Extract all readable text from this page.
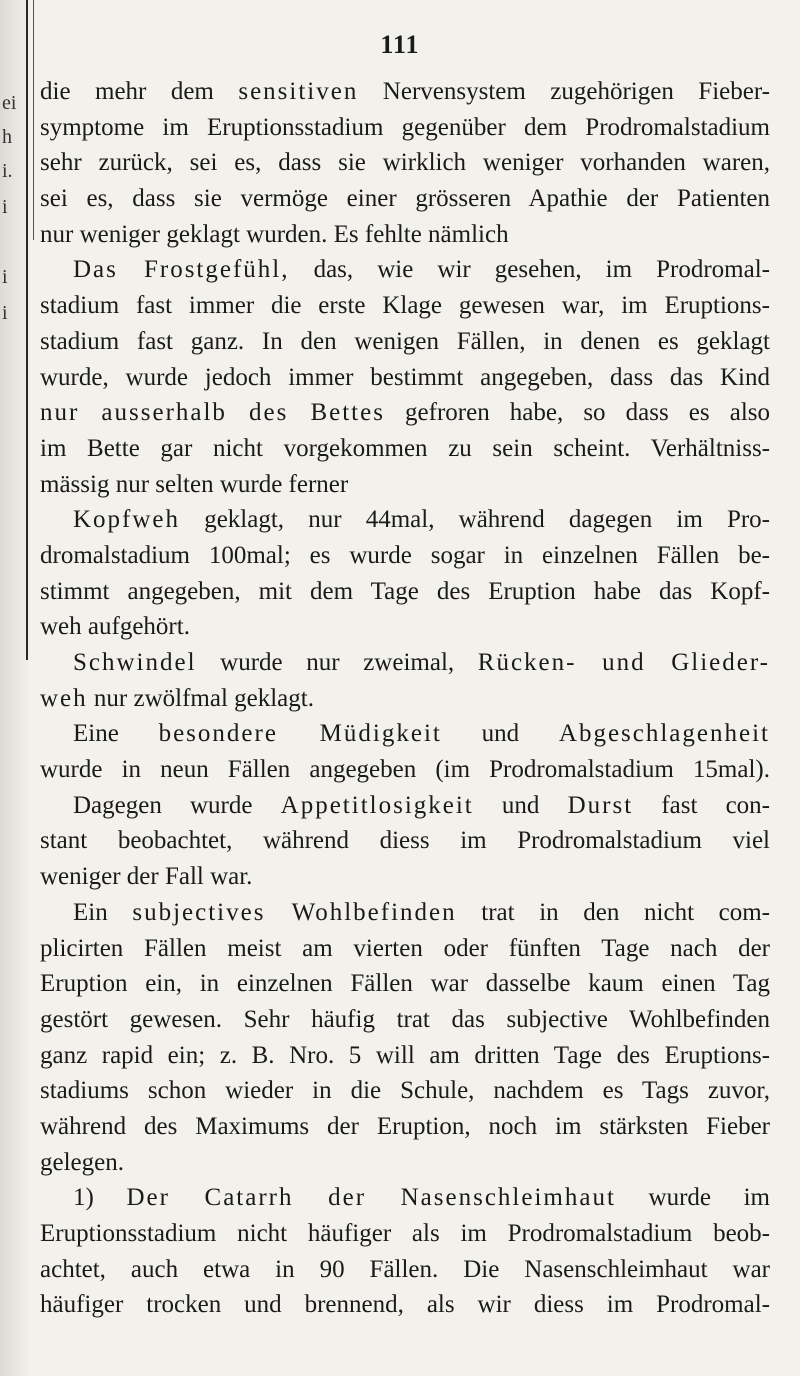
ei
h
i.
i
i
i
111
die mehr dem sensitiven Nervensystem zugehörigen Fieber-
symptome im Eruptionsstadium gegenüber dem Prodromalstadium
sehr zurück, sei es, dass sie wirklich weniger vorhanden waren,
sei es, dass sie vermöge einer grösseren Apathie der Patienten
nur weniger geklagt wurden. Es fehlte nämlich
Das Frostgefühl, das, wie wir gesehen, im Prodromal-
stadium fast immer die erste Klage gewesen war, im Eruptions-
stadium fast ganz. In den wenigen Fällen, in denen es geklagt
wurde, wurde jedoch immer bestimmt angegeben, dass das Kind
nur ausserhalb des Bettes gefroren habe, so dass es also
im Bette gar nicht vorgekommen zu sein scheint. Verhältniss-
mässig nur selten wurde ferner
Kopfweh geklagt, nur 44mal, während dagegen im Pro-
dromalstadium 100mal; es wurde sogar in einzelnen Fällen be-
stimmt angegeben, mit dem Tage des Eruption habe das Kopf-
weh aufgehört.
Schwindel wurde nur zweimal, Rücken- und Glieder-
weh nur zwölfmal geklagt.
Eine besondere Müdigkeit und Abgeschlagenheit
wurde in neun Fällen angegeben (im Prodromalstadium 15mal).
Dagegen wurde Appetitlosigkeit und Durst fast con-
stant beobachtet, während diess im Prodromalstadium viel
weniger der Fall war.
Ein subjectives Wohlbefinden trat in den nicht com-
plicirten Fällen meist am vierten oder fünften Tage nach der
Eruption ein, in einzelnen Fällen war dasselbe kaum einen Tag
gestört gewesen. Sehr häufig trat das subjective Wohlbefinden
ganz rapid ein; z. B. Nro. 5 will am dritten Tage des Eruptions-
stadiums schon wieder in die Schule, nachdem es Tags zuvor,
während des Maximums der Eruption, noch im stärksten Fieber
gelegen.
1) Der Catarrh der Nasenschleimhaut wurde im
Eruptionsstadium nicht häufiger als im Prodromalstadium beob-
achtet, auch etwa in 90 Fällen. Die Nasenschleimhaut war
häufiger trocken und brennend, als wir diess im Prodromal-
